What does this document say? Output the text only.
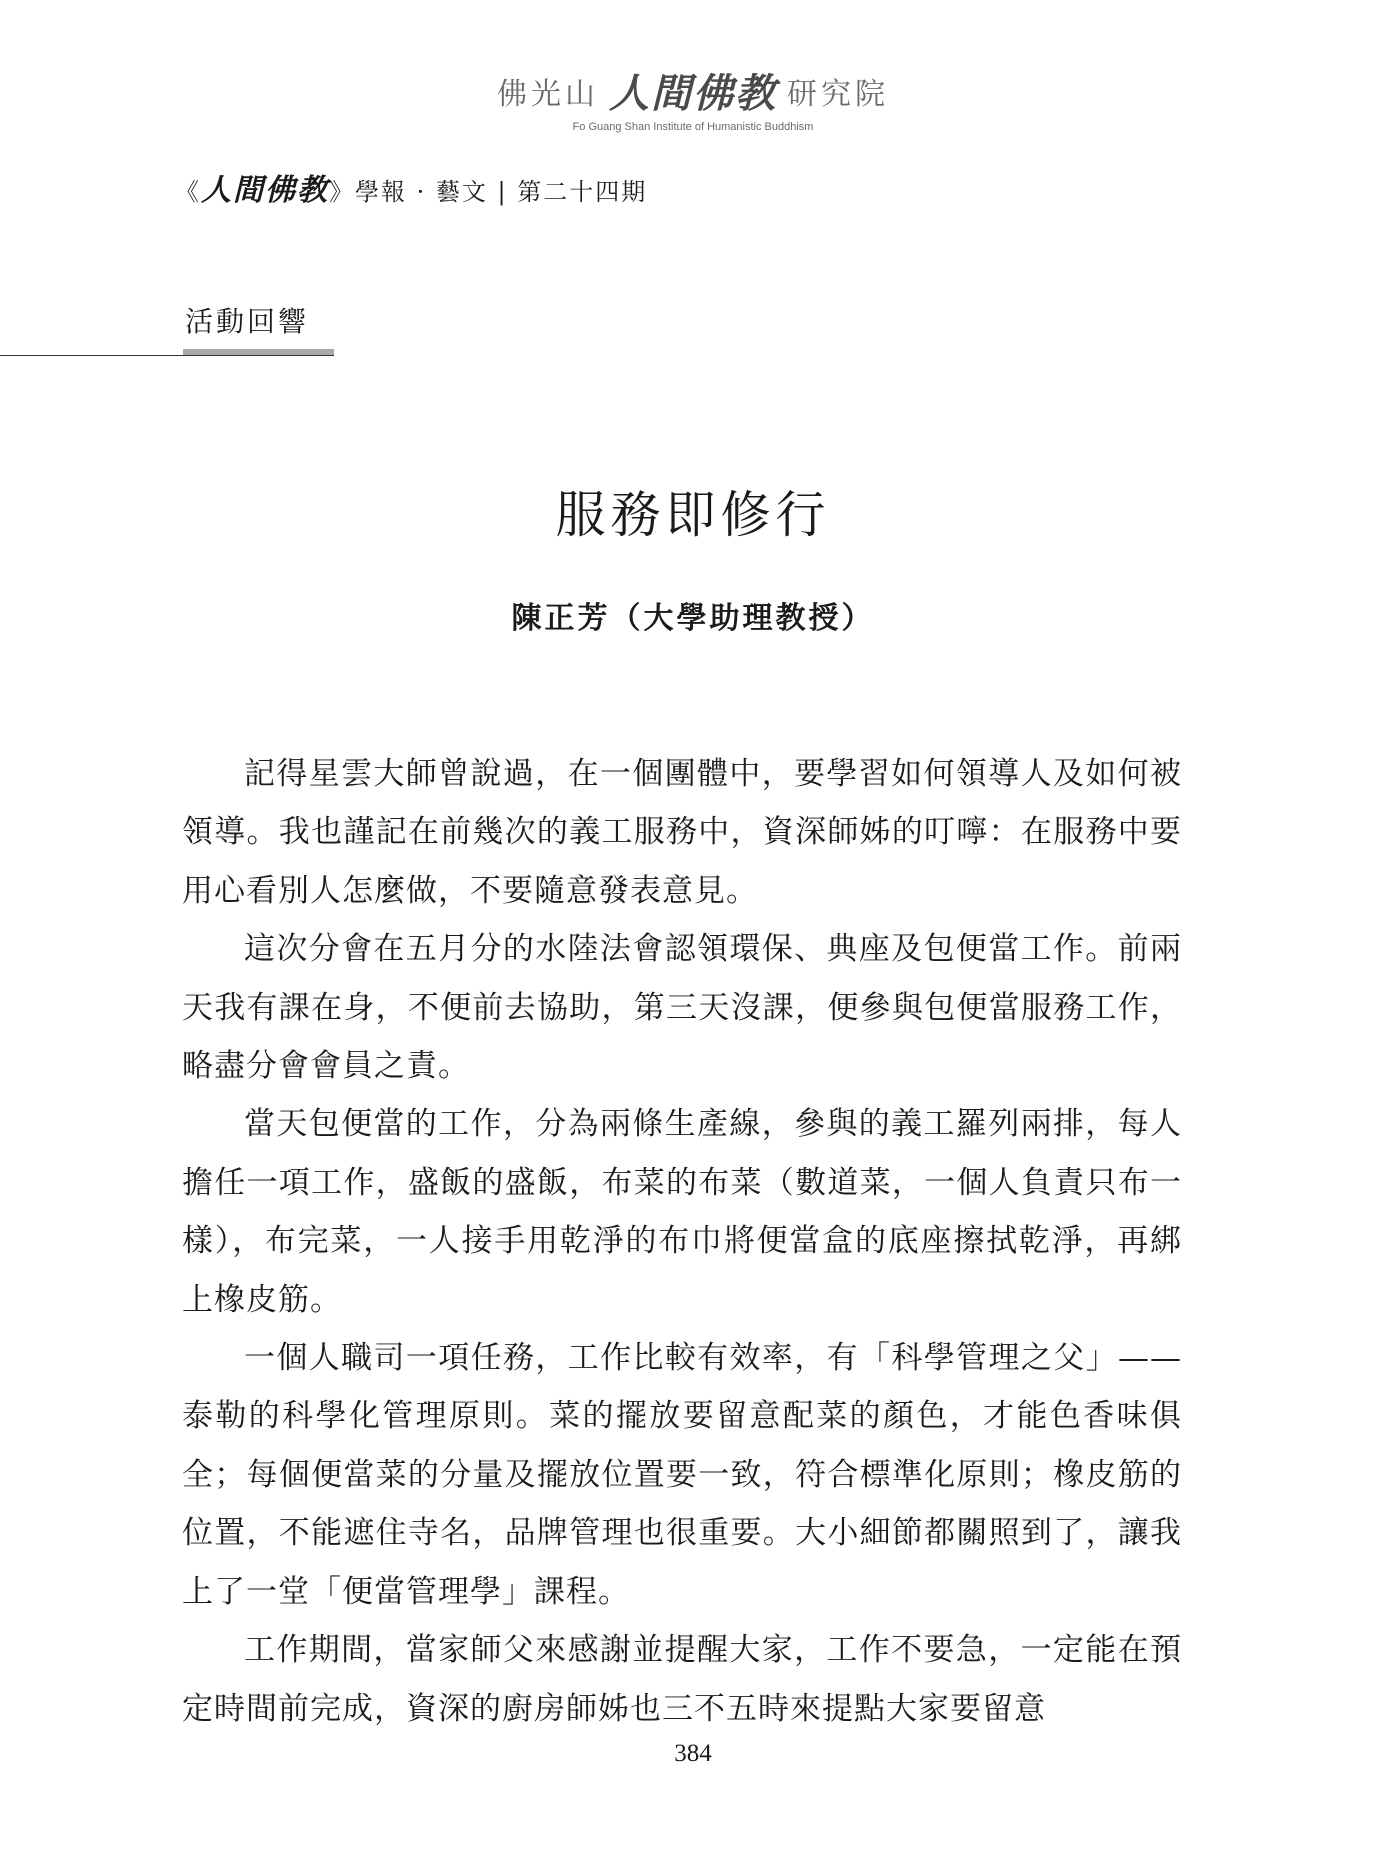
佛光山 人間佛教 研究院
Fo Guang Shan Institute of Humanistic Buddhism
《人間佛教》學報 · 藝文 | 第二十四期
活動回響
服務即修行
陳正芳（大學助理教授）

記得星雲大師曾說過，在一個團體中，要學習如何領導人及如何被領導。我也謹記在前幾次的義工服務中，資深師姊的叮嚀：在服務中要用心看別人怎麼做，不要隨意發表意見。

這次分會在五月分的水陸法會認領環保、典座及包便當工作。前兩天我有課在身，不便前去協助，第三天沒課，便參與包便當服務工作，略盡分會會員之責。

當天包便當的工作，分為兩條生產線，參與的義工羅列兩排，每人擔任一項工作，盛飯的盛飯，布菜的布菜（數道菜，一個人負責只布一樣），布完菜，一人接手用乾淨的布巾將便當盒的底座擦拭乾淨，再綁上橡皮筋。

一個人職司一項任務，工作比較有效率，有「科學管理之父」——泰勒的科學化管理原則。菜的擺放要留意配菜的顏色，才能色香味俱全；每個便當菜的分量及擺放位置要一致，符合標準化原則；橡皮筋的位置，不能遮住寺名，品牌管理也很重要。大小細節都關照到了，讓我上了一堂「便當管理學」課程。

工作期間，當家師父來感謝並提醒大家，工作不要急，一定能在預定時間前完成，資深的廚房師姊也三不五時來提點大家要留意

384
